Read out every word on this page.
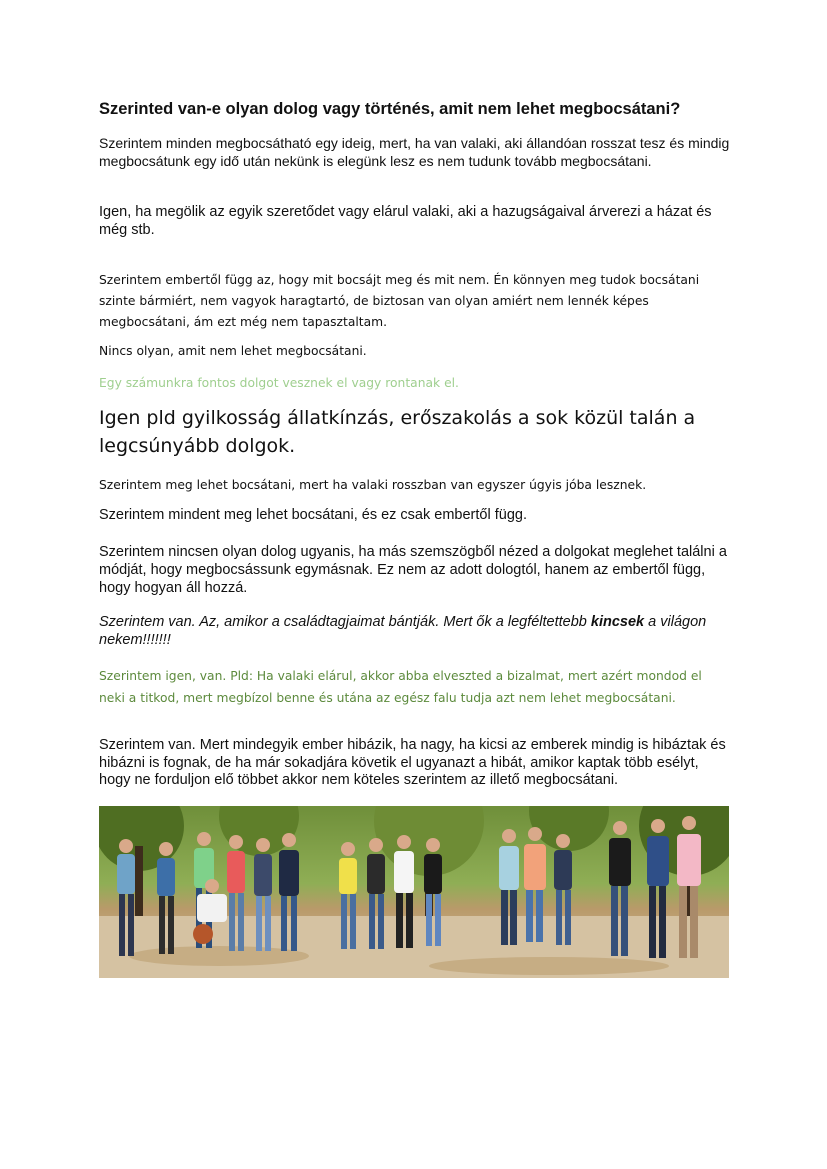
Szerinted van-e olyan dolog vagy történés, amit nem lehet megbocsátani?

Szerintem minden megbocsátható egy ideig, mert, ha van valaki, aki állandóan rosszat tesz és mindig megbocsátunk egy idő után nekünk is elegünk lesz es nem tudunk tovább megbocsátani.

Igen, ha megölik az egyik szeretődet vagy elárul valaki, aki a hazugságaival árverezi a házat és még stb.

Szerintem embertől függ az, hogy mit bocsájt meg és mit nem. Én könnyen meg tudok bocsátani szinte bármiért, nem vagyok haragtartó, de biztosan van olyan amiért nem lennék képes megbocsátani, ám ezt még nem tapasztaltam.

Nincs olyan, amit nem lehet megbocsátani.

Egy számunkra fontos dolgot vesznek el vagy rontanak el.

Igen pld gyilkosság állatkínzás, erőszakolás a sok közül talán a legcsúnyább dolgok.

Szerintem meg lehet bocsátani, mert ha valaki rosszban van egyszer úgyis jóba lesznek.

Szerintem mindent meg lehet bocsátani, és ez csak embertől függ.

Szerintem nincsen olyan dolog ugyanis, ha más szemszögből nézed a dolgokat meglehet találni a módját, hogy megbocsássunk egymásnak. Ez nem az adott dologtól, hanem az embertől függ, hogy hogyan áll hozzá.

Szerintem van. Az, amikor a családtagjaimat bántják. Mert ők a legféltettebb kincsek a világon nekem!!!!!!!

Szerintem igen, van. Pld: Ha valaki elárul, akkor abba elveszted a bizalmat, mert azért mondod el neki a titkod, mert megbízol benne és utána az egész falu tudja azt nem lehet megbocsátani.

Szerintem van. Mert mindegyik ember hibázik, ha nagy, ha kicsi az emberek mindig is hibáztak és hibázni is fognak, de ha már sokadjára követik el ugyanazt a hibát, amikor kaptak több esélyt, hogy ne forduljon elő többet akkor nem köteles szerintem az illető megbocsátani.
